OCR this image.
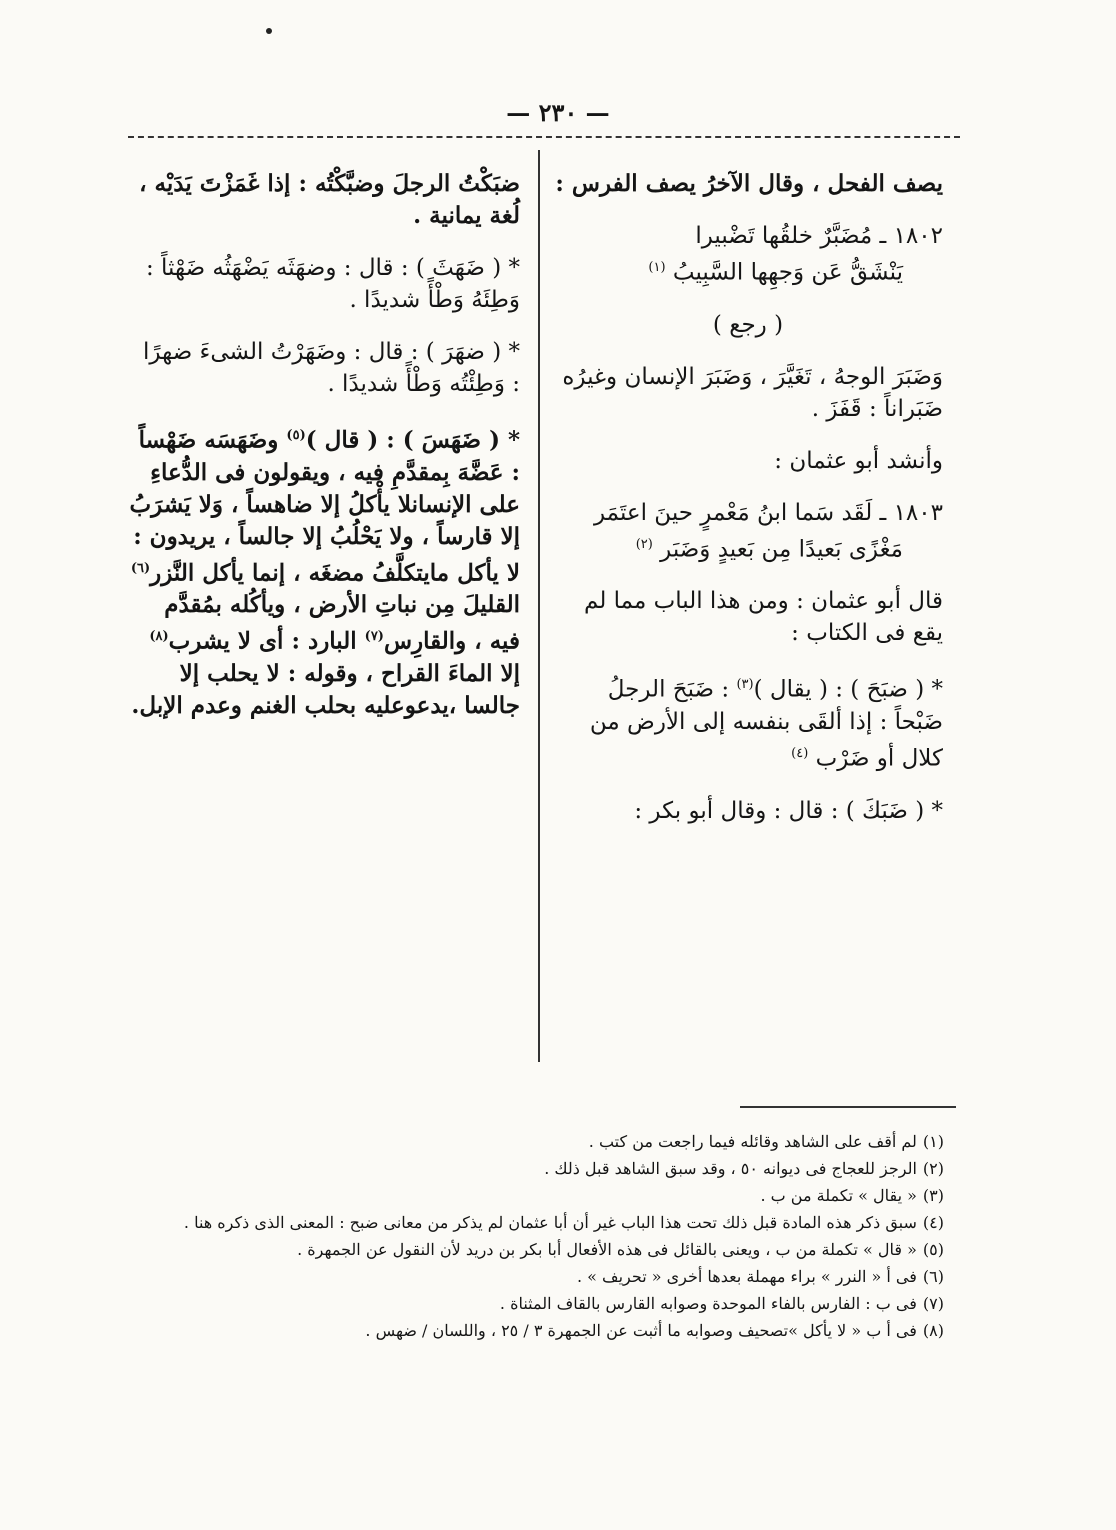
— ٢٣٠ —

يصف الفحل ، وقال الآخرُ يصف الفرس :

١٨٠٢ ـ مُضَبَّرٌ خلقُها تَضْبيرا
يَنْشَقُّ عَن وَجهِها السَّبِيبُ $^{(١)}$

( رجع )

وَضَبَرَ الوجهُ ، تَغَيَّرَ ، وَضَبَرَ الإنسان وغيرُه ضَبَراناً : قَفَزَ .

وأنشد أبو عثمان :

١٨٠٣ ـ لَقَد سَما ابنُ مَعْمرٍ حينَ اعتَمَر
مَغْزًى بَعيدًا مِن بَعيدٍ وَضَبَر $^{(٢)}$

قال أبو عثمان : ومن هذا الباب مما لم يقع فى الكتاب :

* ( ضبَحَ ) : ( يقال )$^{(٣)}$ : ضَبَحَ الرجلُ ضَبْحاً : إذا ألقَى بنفسه إلى الأرض من كلال أو ضَرْب $^{(٤)}$

* ( ضَبَكَ ) : قال : وقال أبو بكر :

ضبَكْتُ الرجلَ وضبَّكْتُه : إذا غَمَزْتَ يَدَيْه ، لُغة يمانية .

* ( ضَهَثَ ) : قال : وضهَثَه يَضْهَثُه ضَهْثاً : وَطِئَهُ وَطْأً شديدًا .

* ( ضهَرَ ) : قال : وضَهَرْتُ الشىءَ ضهرًا : وَطِئْتُه وَطْأً شديدًا .

* ( ضَهَسَ ) : ( قال )$^{(٥)}$ وضَهَسَه ضَهْساً : عَضَّهَ بِمقدَّمِ فيه ، ويقولون فى الدُّعاءِ على الإنسانلا يأْكلُ إلا ضاهساً ، وَلا يَشرَبُ إلا قارساً ، ولا يَحْلُبُ إلا جالساً ، يريدون : لا يأكل مايتكلَّفُ مضغَه ، إنما يأكل النَّزر$^{(٦)}$ القليلَ مِن نباتِ الأرض ، ويأكُله بمُقدَّم فيه ، والقارِس$^{(٧)}$ البارد : أى لا يشرب$^{(٨)}$ إلا الماءَ القراح ، وقوله : لا يحلب إلا جالسا ،يدعوعليه بحلب الغنم وعدم الإبل.

(١)لم أقف على الشاهد وقائله فيما راجعت من كتب .

(٢)الرجز للعجاج فى ديوانه ٥٠ ، وقد سبق الشاهد قبل ذلك .

(٣)« يقال » تكملة من ب .

(٤)سبق ذكر هذه المادة قبل ذلك تحت هذا الباب غير أن أبا عثمان لم يذكر من معانى ضبح : المعنى الذى ذكره هنا .

(٥)« قال » تكملة من ب ، ويعنى بالقائل فى هذه الأفعال أبا بكر بن دريد لأن النقول عن الجمهرة .

(٦)فى أ « النرر » براء مهملة بعدها أخرى « تحريف » .

(٧)فى ب : الفارس بالفاء الموحدة وصوابه القارس بالقاف المثناة .

(٨)فى أ ب « لا يأكل »تصحيف وصوابه ما أثبت عن الجمهرة ٣ / ٢٥ ، واللسان / ضهس .
